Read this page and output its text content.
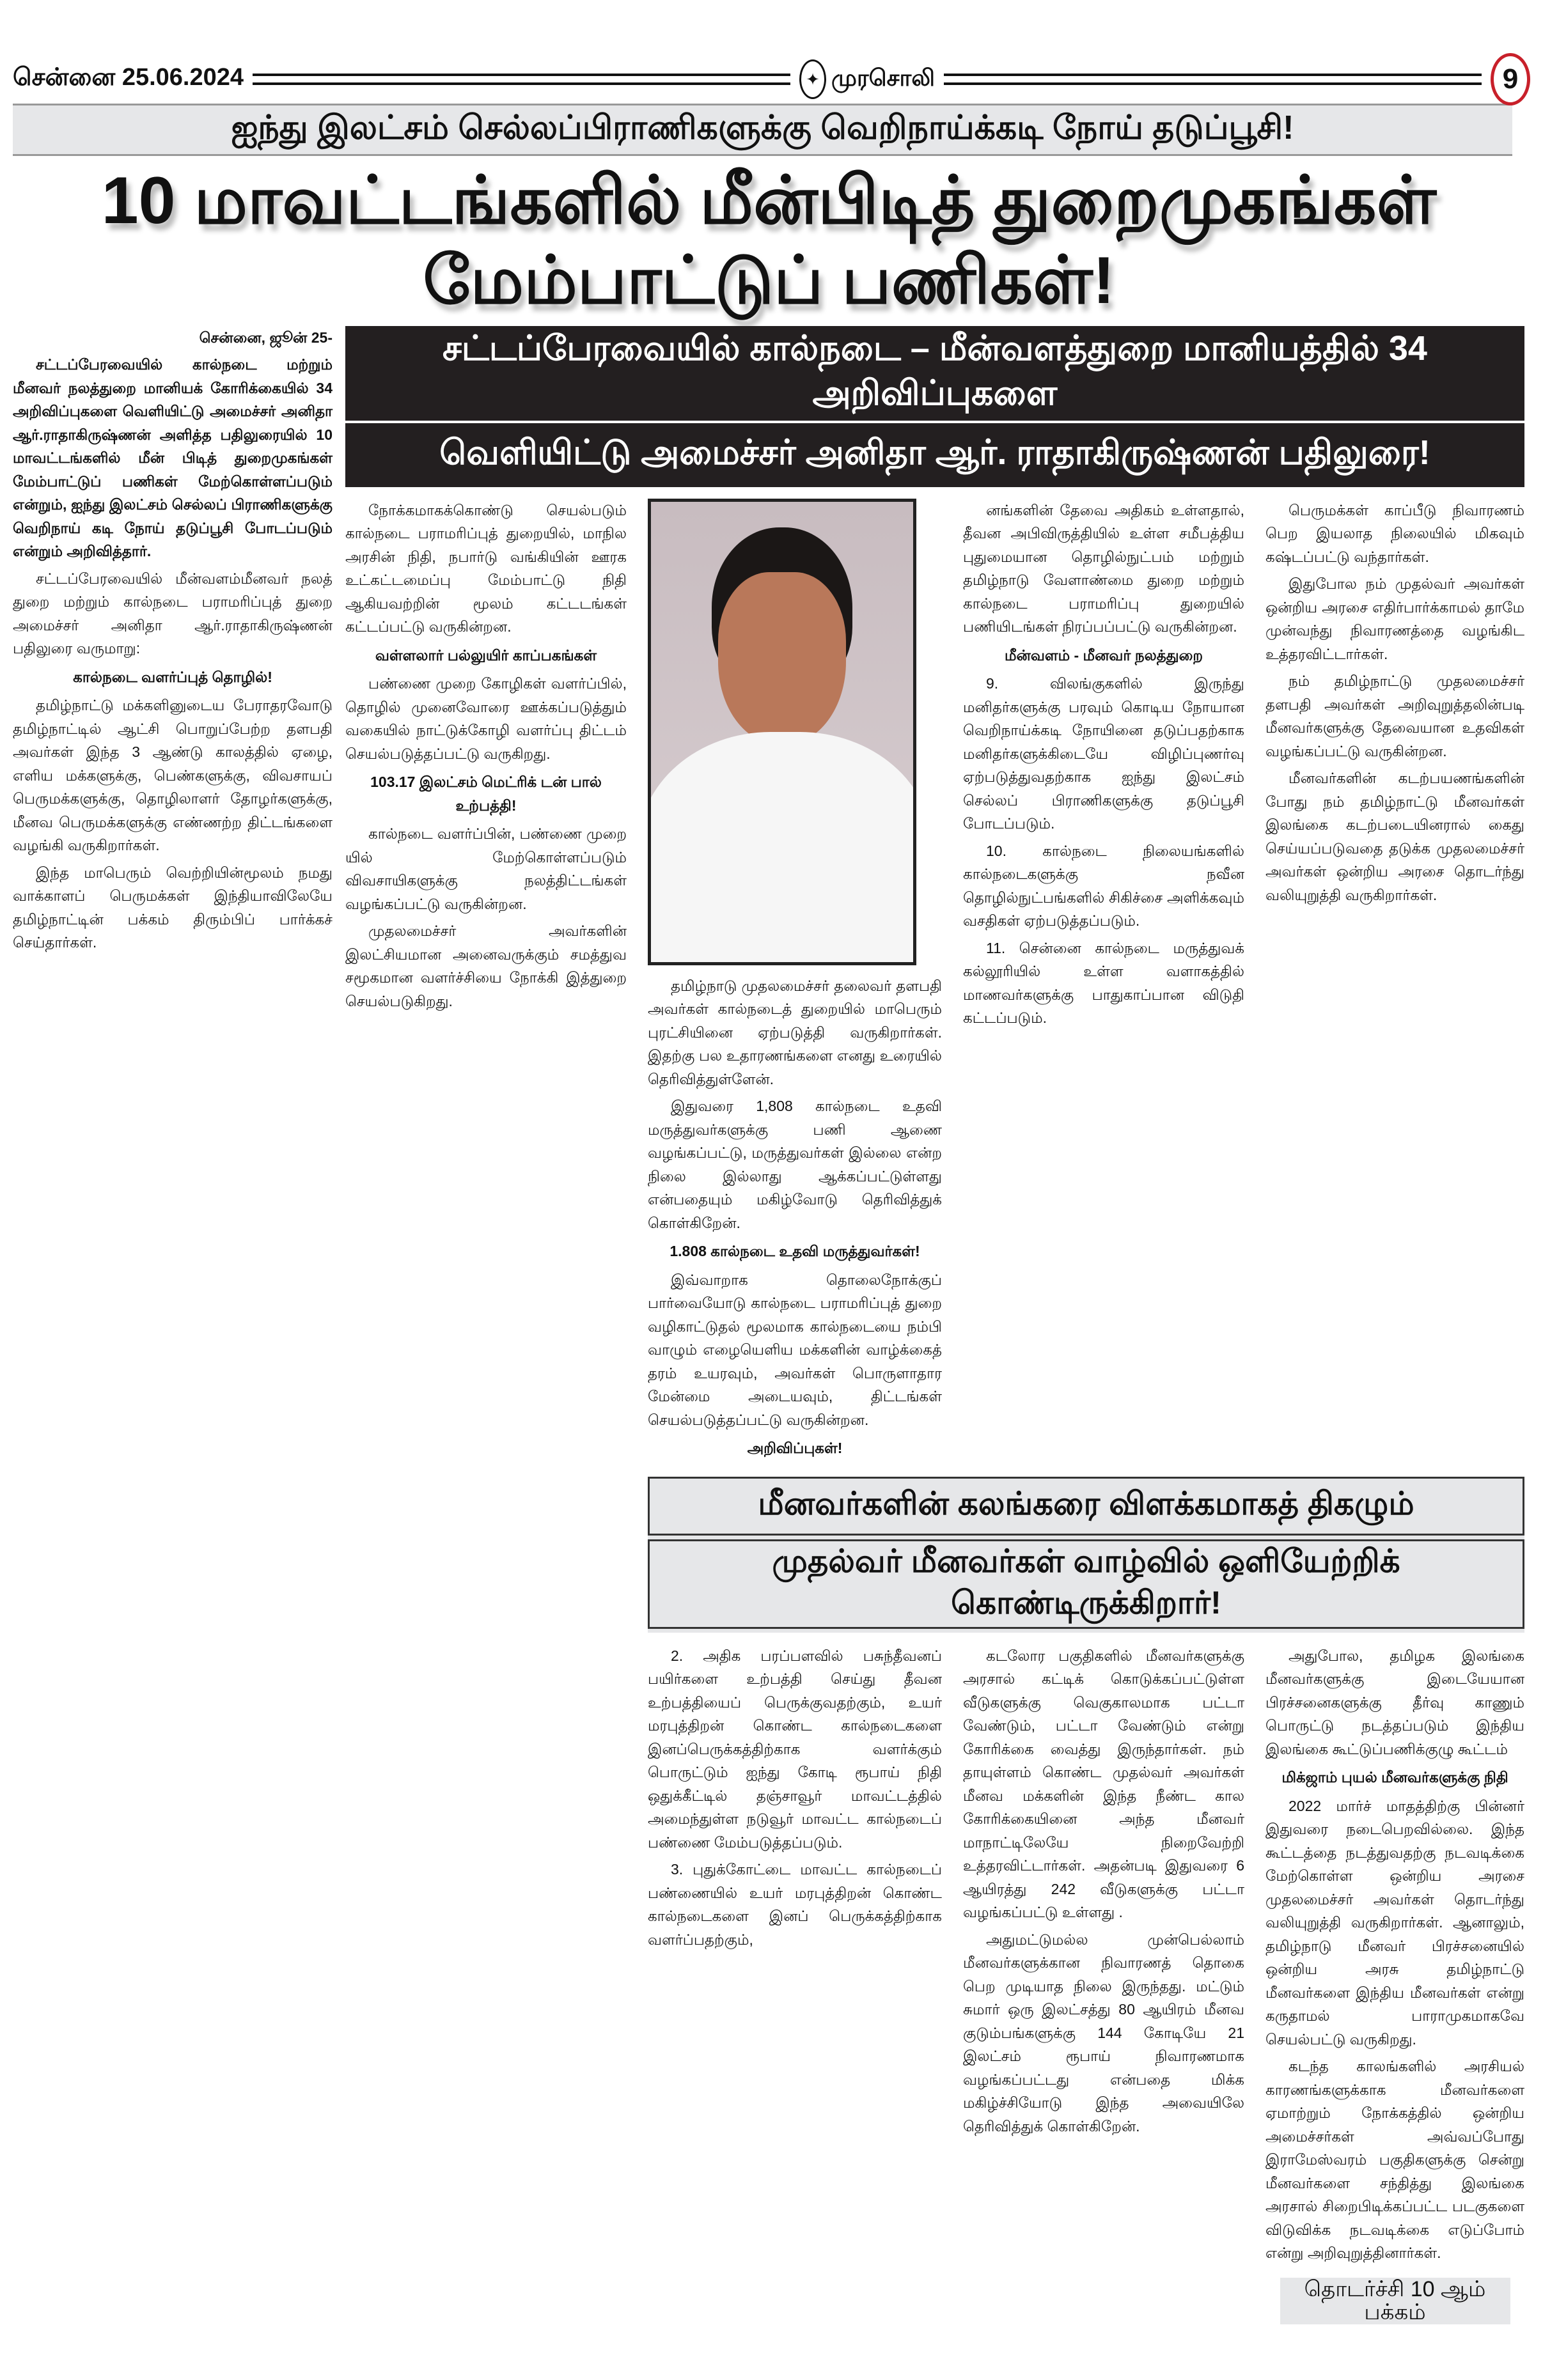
சென்னை 25.06.2024	✦ முரசொலி	9
ஐந்து இலட்சம் செல்லப்பிராணிகளுக்கு வெறிநாய்க்கடி நோய் தடுப்பூசி!
10 மாவட்டங்களில் மீன்பிடித் துறைமுகங்கள் மேம்பாட்டுப் பணிகள்!

சென்னை, ஜூன் 25-

சட்டப்பேரவையில் கால்நடை மற்றும் மீனவர் நலத்துறை மானியக் கோரிக்கையில் 34 அறிவிப்புகளை வெளியிட்டு அமைச்சர் அனிதா ஆர்.ராதாகிருஷ்ணன் அளித்த பதிலுரையில் 10 மாவட்டங்களில் மீன் பிடித் துறைமுகங்கள் மேம்பாட்டுப் பணிகள் மேற்கொள்ளப்படும் என்றும், ஐந்து இலட்சம் செல்லப் பிராணிகளுக்கு வெறிநாய் கடி நோய் தடுப்பூசி போடப்படும் என்றும் அறிவித்தார்.

சட்டப்பேரவையில் மீன்வளம்மீனவர் நலத் துறை மற்றும் கால்நடை பராமரிப்புத் துறை அமைச்சர் அனிதா ஆர்.ராதாகிருஷ்ணன் பதிலுரை வருமாறு:

கால்நடை வளர்ப்புத் தொழில்!

தமிழ்நாட்டு மக்களினுடைய பேராதரவோடு தமிழ்நாட்டில் ஆட்சி பொறுப்பேற்ற தளபதி அவர்கள் இந்த 3 ஆண்டு காலத்தில் ஏழை, எளிய மக்களுக்கு, பெண்களுக்கு, விவசாயப் பெருமக்களுக்கு, தொழிலாளர் தோழர்களுக்கு, மீனவ பெருமக்களுக்கு எண்ணற்ற திட்டங்களை வழங்கி வருகிறார்கள்.

இந்த மாபெரும் வெற்றியின்மூலம் நமது வாக்காளப் பெருமக்கள் இந்தியாவிலேயே தமிழ்நாட்டின் பக்கம் திரும்பிப் பார்க்கச் செய்தார்கள்.

சட்டப்பேரவையில் கால்நடை – மீன்வளத்துறை மானியத்தில் 34 அறிவிப்புகளை
வெளியிட்டு அமைச்சர் அனிதா ஆர். ராதாகிருஷ்ணன் பதிலுரை!

நோக்கமாகக்கொண்டு செயல்படும் கால்நடை பராமரிப்புத் துறையில், மாநில அரசின் நிதி, நபார்டு வங்கியின் ஊரக உட்கட்டமைப்பு மேம்பாட்டு நிதி ஆகியவற்றின் மூலம் கட்டடங்கள் கட்டப்பட்டு வருகின்றன.

வள்ளலார் பல்லுயிர் காப்பகங்கள்

பண்ணை முறை கோழிகள் வளர்ப்பில், தொழில் முனைவோரை ஊக்கப்படுத்தும் வகையில் நாட்டுக்கோழி வளர்ப்பு திட்டம் செயல்படுத்தப்பட்டு வருகிறது.

103.17 இலட்சம் மெட்ரிக் டன் பால் உற்பத்தி!

கால்நடை வளர்ப்பின், பண்ணை முறை யில் மேற்கொள்ளப்படும் விவசாயிகளுக்கு நலத்திட்டங்கள் வழங்கப்பட்டு வருகின்றன.

முதலமைச்சர் அவர்களின் இலட்சியமான அனைவருக்கும் சமத்துவ சமூகமான வளர்ச்சியை நோக்கி இத்துறை செயல்படுகிறது.

தமிழ்நாடு முதலமைச்சர் தலைவர் தளபதி அவர்கள் கால்நடைத் துறையில் மாபெரும் புரட்சியினை ஏற்படுத்தி வருகிறார்கள். இதற்கு பல உதாரணங்களை எனது உரையில் தெரிவித்துள்ளேன்.

இதுவரை 1,808 கால்நடை உதவி மருத்துவர்களுக்கு பணி ஆணை வழங்கப்பட்டு, மருத்துவர்கள் இல்லை என்ற நிலை இல்லாது ஆக்கப்பட்டுள்ளது என்பதையும் மகிழ்வோடு தெரிவித்துக் கொள்கிறேன்.

1.808 கால்நடை உதவி மருத்துவர்கள்!

இவ்வாறாக தொலைநோக்குப் பார்வையோடு கால்நடை பராமரிப்புத் துறை வழிகாட்டுதல் மூலமாக கால்நடையை நம்பி வாழும் எழையெளிய மக்களின் வாழ்க்கைத் தரம் உயரவும், அவர்கள் பொருளாதார மேன்மை அடையவும், திட்டங்கள் செயல்படுத்தப்பட்டு வருகின்றன.

அறிவிப்புகள்!

னங்களின் தேவை அதிகம் உள்ளதால், தீவன அபிவிருத்தியில் உள்ள சமீபத்திய புதுமையான தொழில்நுட்பம் மற்றும் தமிழ்நாடு வேளாண்மை துறை மற்றும் கால்நடை பராமரிப்பு துறையில் பணியிடங்கள் நிரப்பப்பட்டு வருகின்றன.

மீன்வளம் - மீனவர் நலத்துறை

9. விலங்குகளில் இருந்து மனிதர்களுக்கு பரவும் கொடிய நோயான வெறிநாய்க்கடி நோயினை தடுப்பதற்காக மனிதர்களுக்கிடையே விழிப்புணர்வு ஏற்படுத்துவதற்காக ஐந்து இலட்சம் செல்லப் பிராணிகளுக்கு தடுப்பூசி போடப்படும்.

10. கால்நடை நிலையங்களில் கால்நடைகளுக்கு நவீன தொழில்நுட்பங்களில் சிகிச்சை அளிக்கவும் வசதிகள் ஏற்படுத்தப்படும்.

11. சென்னை கால்நடை மருத்துவக் கல்லூரியில் உள்ள வளாகத்தில் மாணவர்களுக்கு பாதுகாப்பான விடுதி கட்டப்படும்.

பெருமக்கள் காப்பீடு நிவாரணம் பெற இயலாத நிலையில் மிகவும் கஷ்டப்பட்டு வந்தார்கள்.

இதுபோல நம் முதல்வர் அவர்கள் ஒன்றிய அரசை எதிர்பார்க்காமல் தாமே முன்வந்து நிவாரணத்தை வழங்கிட உத்தரவிட்டார்கள்.

நம் தமிழ்நாட்டு முதலமைச்சர் தளபதி அவர்கள் அறிவுறுத்தலின்படி மீனவர்களுக்கு தேவையான உதவிகள் வழங்கப்பட்டு வருகின்றன.

மீனவர்களின் கடற்பயணங்களின் போது நம் தமிழ்நாட்டு மீனவர்கள் இலங்கை கடற்படையினரால் கைது செய்யப்படுவதை தடுக்க முதலமைச்சர் அவர்கள் ஒன்றிய அரசை தொடர்ந்து வலியுறுத்தி வருகிறார்கள்.

மீனவர்களின் கலங்கரை விளக்கமாகத் திகழும்
முதல்வர் மீனவர்கள் வாழ்வில் ஒளியேற்றிக் கொண்டிருக்கிறார்!

2. அதிக பரப்பளவில் பசுந்தீவனப் பயிர்களை உற்பத்தி செய்து தீவன உற்பத்தியைப் பெருக்குவதற்கும், உயர் மரபுத்திறன் கொண்ட கால்நடைகளை இனப்பெருக்கத்திற்காக வளர்க்கும் பொருட்டும் ஐந்து கோடி ரூபாய் நிதி ஒதுக்கீட்டில் தஞ்சாவூர் மாவட்டத்தில் அமைந்துள்ள நடுவூர் மாவட்ட கால்நடைப் பண்ணை மேம்படுத்தப்படும்.

3. புதுக்கோட்டை மாவட்ட கால்நடைப் பண்ணையில் உயர் மரபுத்திறன் கொண்ட கால்நடைகளை இனப் பெருக்கத்திற்காக வளர்ப்பதற்கும்,

கடலோர பகுதிகளில் மீனவர்களுக்கு அரசால் கட்டிக் கொடுக்கப்பட்டுள்ள வீடுகளுக்கு வெகுகாலமாக பட்டா வேண்டும், பட்டா வேண்டும் என்று கோரிக்கை வைத்து இருந்தார்கள். நம் தாயுள்ளம் கொண்ட முதல்வர் அவர்கள் மீனவ மக்களின் இந்த நீண்ட கால கோரிக்கையினை அந்த மீனவர் மாநாட்டிலேயே நிறைவேற்றி உத்தரவிட்டார்கள். அதன்படி இதுவரை 6 ஆயிரத்து 242 வீடுகளுக்கு பட்டா வழங்கப்பட்டு உள்ளது .

அதுமட்டுமல்ல முன்பெல்லாம் மீனவர்களுக்கான நிவாரணத் தொகை பெற முடியாத நிலை இருந்தது. மட்டும் சுமார் ஒரு இலட்சத்து 80 ஆயிரம் மீனவ குடும்பங்களுக்கு 144 கோடியே 21 இலட்சம் ரூபாய் நிவாரணமாக வழங்கப்பட்டது என்பதை மிக்க மகிழ்ச்சியோடு இந்த அவையிலே தெரிவித்துக் கொள்கிறேன்.

அதுபோல, தமிழக இலங்கை மீனவர்களுக்கு இடையேயான பிரச்சனைகளுக்கு தீர்வு காணும் பொருட்டு நடத்தப்படும் இந்திய இலங்கை கூட்டுப்பணிக்குழு கூட்டம்

மிக்ஜாம் புயல் மீனவர்களுக்கு நிதி

2022 மார்ச் மாதத்திற்கு பின்னர் இதுவரை நடைபெறவில்லை. இந்த கூட்டத்தை நடத்துவதற்கு நடவடிக்கை மேற்கொள்ள ஒன்றிய அரசை முதலமைச்சர் அவர்கள் தொடர்ந்து வலியுறுத்தி வருகிறார்கள். ஆனாலும், தமிழ்நாடு மீனவர் பிரச்சனையில் ஒன்றிய அரசு தமிழ்நாட்டு மீனவர்களை இந்திய மீனவர்கள் என்று கருதாமல் பாராமுகமாகவே செயல்பட்டு வருகிறது.

கடந்த காலங்களில் அரசியல் காரணங்களுக்காக மீனவர்களை ஏமாற்றும் நோக்கத்தில் ஒன்றிய அமைச்சர்கள் அவ்வப்போது இராமேஸ்வரம் பகுதிகளுக்கு சென்று மீனவர்களை சந்தித்து இலங்கை அரசால் சிறைபிடிக்கப்பட்ட படகுகளை விடுவிக்க நடவடிக்கை எடுப்போம் என்று அறிவுறுத்தினார்கள்.

தொடர்ச்சி 10 ஆம் பக்கம்
